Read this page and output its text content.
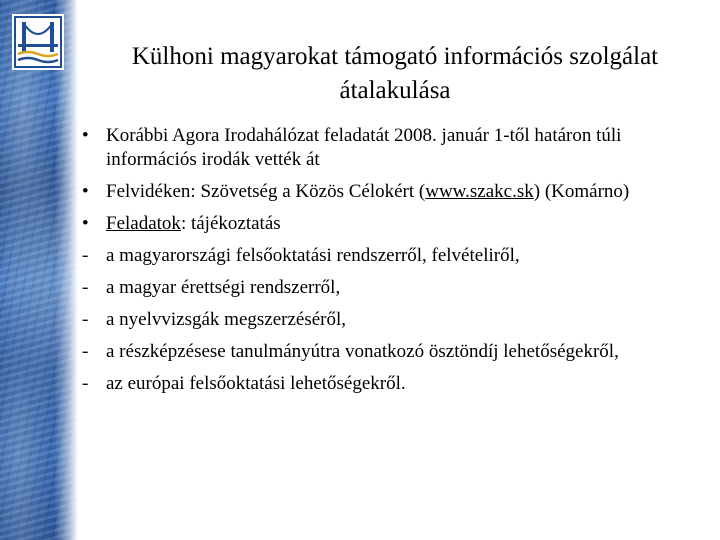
Külhoni magyarokat támogató információs szolgálat
átalakulása
• Korábbi Agora Irodahálózat feladatát 2008. január 1-től határon túli információs irodák vették át
• Felvidéken: Szövetség a Közös Célokért (www.szakc.sk) (Komárno)
• Feladatok: tájékoztatás
- a magyarországi felsőoktatási rendszerről, felvételiről,
- a magyar érettségi rendszerről,
- a nyelvvizsgák megszerzéséről,
- a részképzésese tanulmányútra vonatkozó ösztöndíj lehetőségekről,
- az európai felsőoktatási lehetőségekről.
